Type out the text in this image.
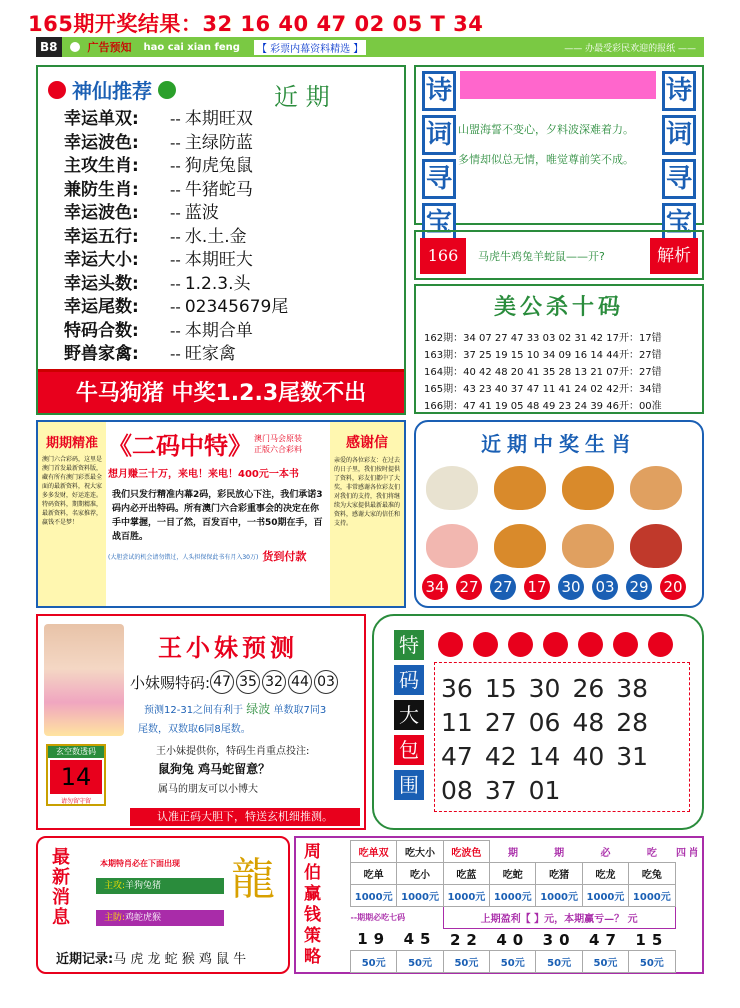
165期开奖结果：32 16 40 47 02 05 T 34
B8	广告预知 hao cai xian feng	【 彩票内幕资料精选 】	—— 办最受彩民欢迎的报纸 ——
神仙推荐	近 期
幸运单双: -- 本期旺双
幸运波色: -- 主绿防蓝
主攻生肖: -- 狗虎兔鼠
兼防生肖: -- 牛猪蛇马
幸运波色: -- 蓝波
幸运五行: -- 水.土.金
幸运大小: -- 本期旺大
幸运头数: -- 1.2.3.头
幸运尾数: -- 02345679尾
特码合数: -- 本期合单
野兽家禽: -- 旺家禽
牛马狗猪 中奖1.2.3尾数不出
诗
词
寻
宝
诗
词
寻
宝
山盟海誓不变心，夕料波深难着力。
多情却似总无情，唯觉尊前笑不成。
166期
马虎牛鸡兔羊蛇鼠——开?	解析
美公杀十码
162期：34 07 27 47 33 03 02 31 42 17开：17错
163期：37 25 19 15 10 34 09 16 14 44开：27错
164期：40 42 48 20 41 35 28 13 21 07开：27错
165期：43 23 40 37 47 11 41 24 02 42开：34错
166期：47 41 19 05 48 49 23 24 39 46开：00准
期期精准
澳门六合彩码，这里是澳门首发最新资料版，藏有所有澳门彩票最全面的最新资料，祝大家多多发财，好运连连。特码资料，期期精准，最新资料，名家推荐，赢钱不是梦！
《二码中特》 澳门马会原装正版六合彩料
想月赚三十万，来电！来电！400元一本书
我们只发行精准内幕2码，彩民放心下注，我们承诺3码内必开出特码。所有澳门六合彩重事会的决定在你手中掌握，一目了然，百发百中，一书50期在手，百战百胜。
(大胆尝试的机会请勿错过，人头担保保此书有月入30万) 货到付款
感谢信
亲爱的各位彩友：在过去的日子里，我们按时提供了资料，彩友们都中了大奖，非常感谢各位彩友们对我们的支持，我们将继续为大家提供最新最准的资料，感谢大家的信任和支持。
近期中奖生肖
34 27 27 17 30 03 29 20
王小妹预测
小妹赐特码: 47 35 32 44 03
预测12-31之间有利于 绿波 单数取7同3
尾数，双数取6同8尾数。
王小妹提供你，特码生肖重点投注:
鼠狗兔 鸡马蛇留意？
属马的朋友可以小博大
玄空数透码
14
请勿留守留
认准正码大胆下，特送玄机细推测。
特
码
大
包
围
36	15	30	26	38
11	27	06	48	28
47	42	14	40	31
08	37	01		
最
新
消
息
本期特肖必在下面出现
主攻:羊狗兔猪
主防:鸡蛇虎猴
龍
近期记录:马 虎 龙 蛇 猴 鸡 鼠 牛
周
伯
赢
钱
策
略
吃单双	吃大小	吃波色	期	期	必	吃	四	肖
吃单	吃小	吃蓝	吃蛇	吃猪	吃龙	吃兔		
1000元	1000元	1000元	1000元	1000元	1000元	1000元		
--期期必吃七码		上期盈利【 】元，本期赢亏—？ 元						
19	45	22	40	30	47	15		
50元	50元	50元	50元	50元	50元	50元		
